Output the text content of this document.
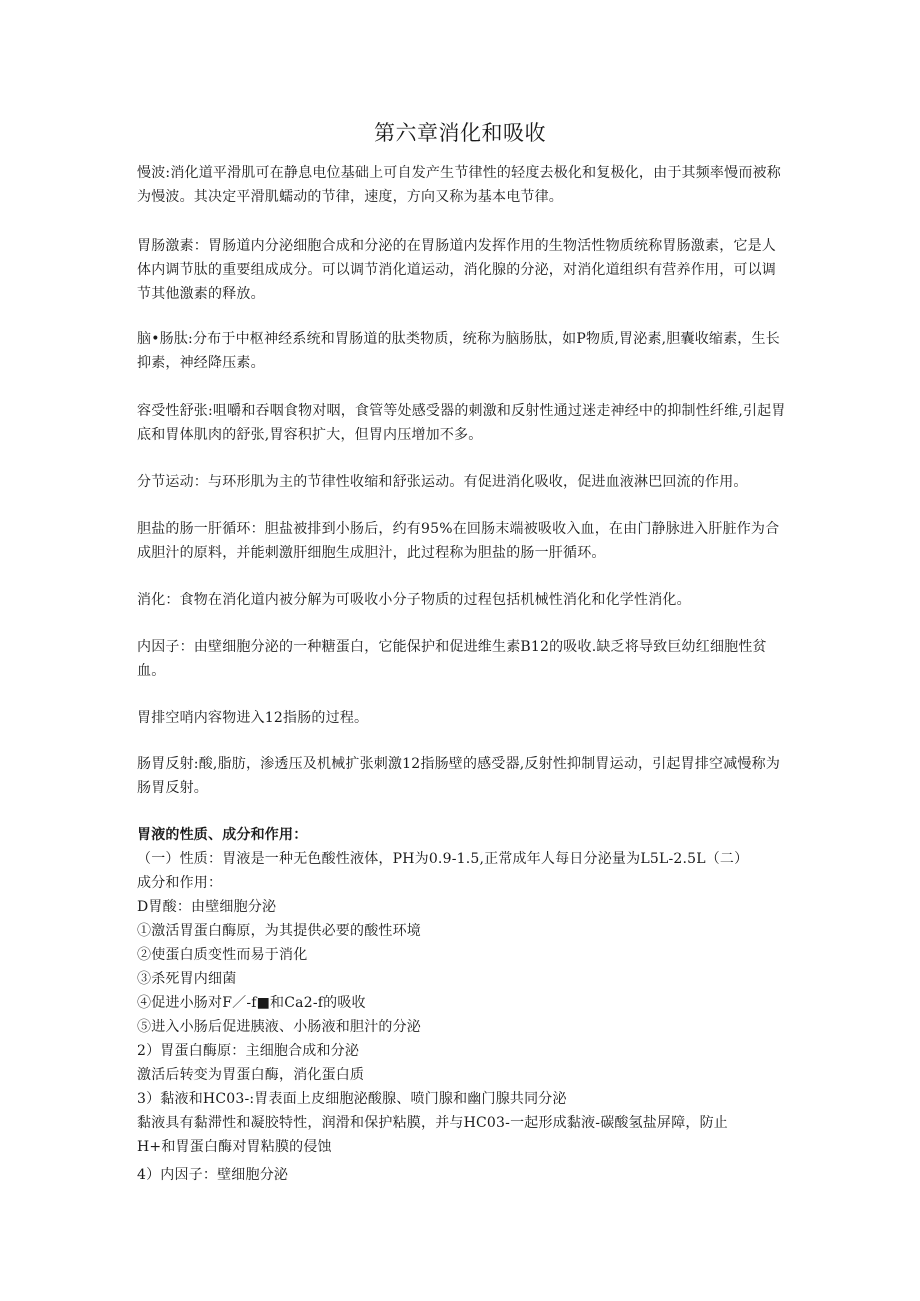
第六章消化和吸收
慢波:消化道平滑肌可在静息电位基础上可自发产生节律性的轻度去极化和复极化，由于其频率慢而被称为慢波。其决定平滑肌蠕动的节律，速度，方向又称为基本电节律。
胃肠激素：胃肠道内分泌细胞合成和分泌的在胃肠道内发挥作用的生物活性物质统称胃肠激素，它是人体内调节肽的重要组成成分。可以调节消化道运动，消化腺的分泌，对消化道组织有营养作用，可以调节其他激素的释放。
脑•肠肽:分布于中枢神经系统和胃肠道的肽类物质，统称为脑肠肽，如P物质,胃泌素,胆囊收缩素，生长抑素，神经降压素。
容受性舒张:咀嚼和吞咽食物对咽，食管等处感受器的刺激和反射性通过迷走神经中的抑制性纤维,引起胃底和胃体肌肉的舒张,胃容积扩大，但胃内压增加不多。
分节运动：与环形肌为主的节律性收缩和舒张运动。有促进消化吸收，促进血液淋巴回流的作用。
胆盐的肠一肝循环：胆盐被排到小肠后，约有95%在回肠末端被吸收入血，在由门静脉进入肝脏作为合成胆汁的原料，并能刺激肝细胞生成胆汁，此过程称为胆盐的肠一肝循环。
消化：食物在消化道内被分解为可吸收小分子物质的过程包括机械性消化和化学性消化。
内因子：由壁细胞分泌的一种糖蛋白，它能保护和促进维生素B12的吸收.缺乏将导致巨幼红细胞性贫血。
胃排空哨内容物进入12指肠的过程。
肠胃反射:酸,脂肪，渗透压及机械扩张刺激12指肠壁的感受器,反射性抑制胃运动，引起胃排空减慢称为肠胃反射。
胃液的性质、成分和作用：
（一）性质：胃液是一种无色酸性液体，PH为0.9-1.5,正常成年人每日分泌量为L5L-2.5L（二）
成分和作用：
D胃酸：由壁细胞分泌
①激活胃蛋白酶原，为其提供必要的酸性环境
②使蛋白质变性而易于消化
③杀死胃内细菌
④促进小肠对F／-f■和Ca2-f的吸收
⑤进入小肠后促进胰液、小肠液和胆汁的分泌
2）胃蛋白酶原：主细胞合成和分泌
激活后转变为胃蛋白酶，消化蛋白质
3）黏液和HC03-:胃表面上皮细胞泌酸腺、喷门腺和幽门腺共同分泌
黏液具有黏滞性和凝胶特性，润滑和保护粘膜，并与HC03-一起形成黏液-碳酸氢盐屏障，防止
H+和胃蛋白酶对胃粘膜的侵蚀
4）内因子：壁细胞分泌
